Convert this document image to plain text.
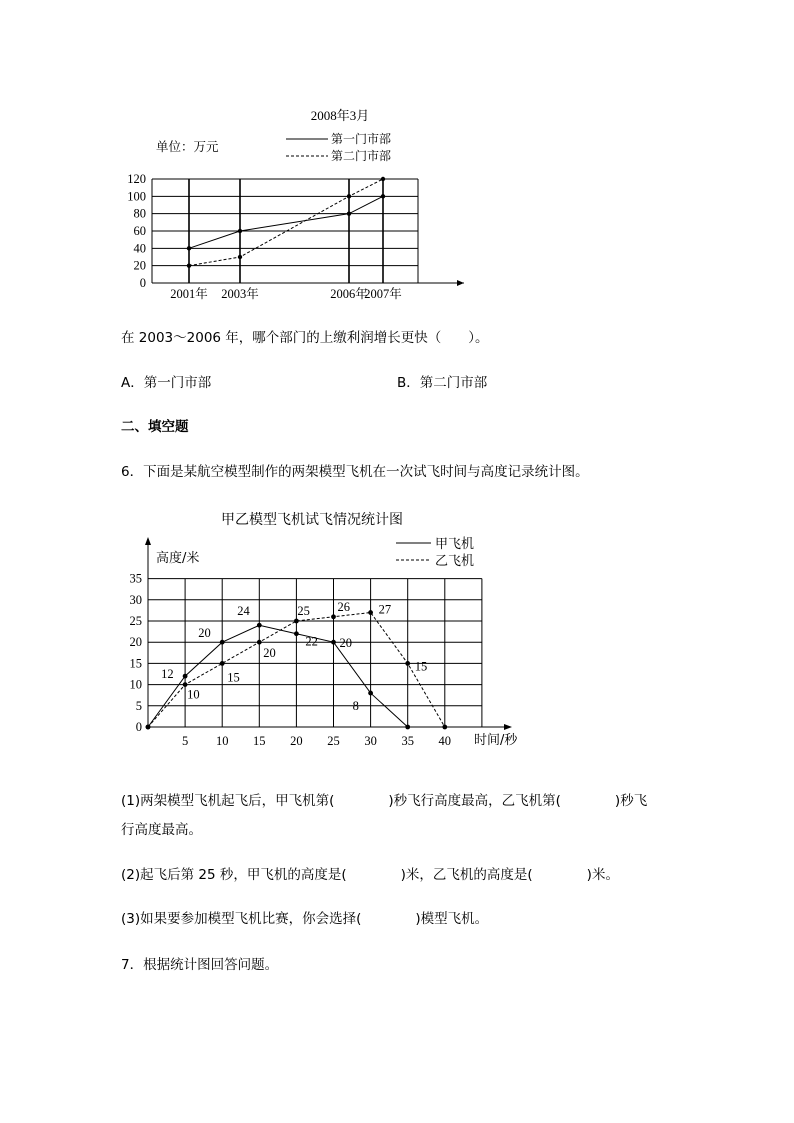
2008年3月
单位：万元	第一门市部
第二门市部
0
20
40
60
80
100
120
2001年 2003年	2006年
2007年
在 2003～2006 年，哪个部门的上缴利润增长更快（　　）。
A．第一门市部	B．第二门市部
二、填空题
6．下面是某航空模型制作的两架模型飞机在一次试飞时间与高度记录统计图。
甲乙模型飞机试飞情况统计图
高度/米
时间/秒
甲飞机
乙飞机
0
5
10
15
20
25
30
35
5 10 15 20 25 30 35 40
12
20
24
22 20
8
10
15
20
25 26 27
15
(1)两架模型飞机起飞后，甲飞机第(　　　　)秒飞行高度最高，乙飞机第(　　　　)秒飞
行高度最高。
(2)起飞后第 25 秒，甲飞机的高度是(　　　　)米，乙飞机的高度是(　　　　)米。
(3)如果要参加模型飞机比赛，你会选择(　　　　)模型飞机。
7．根据统计图回答问题。
